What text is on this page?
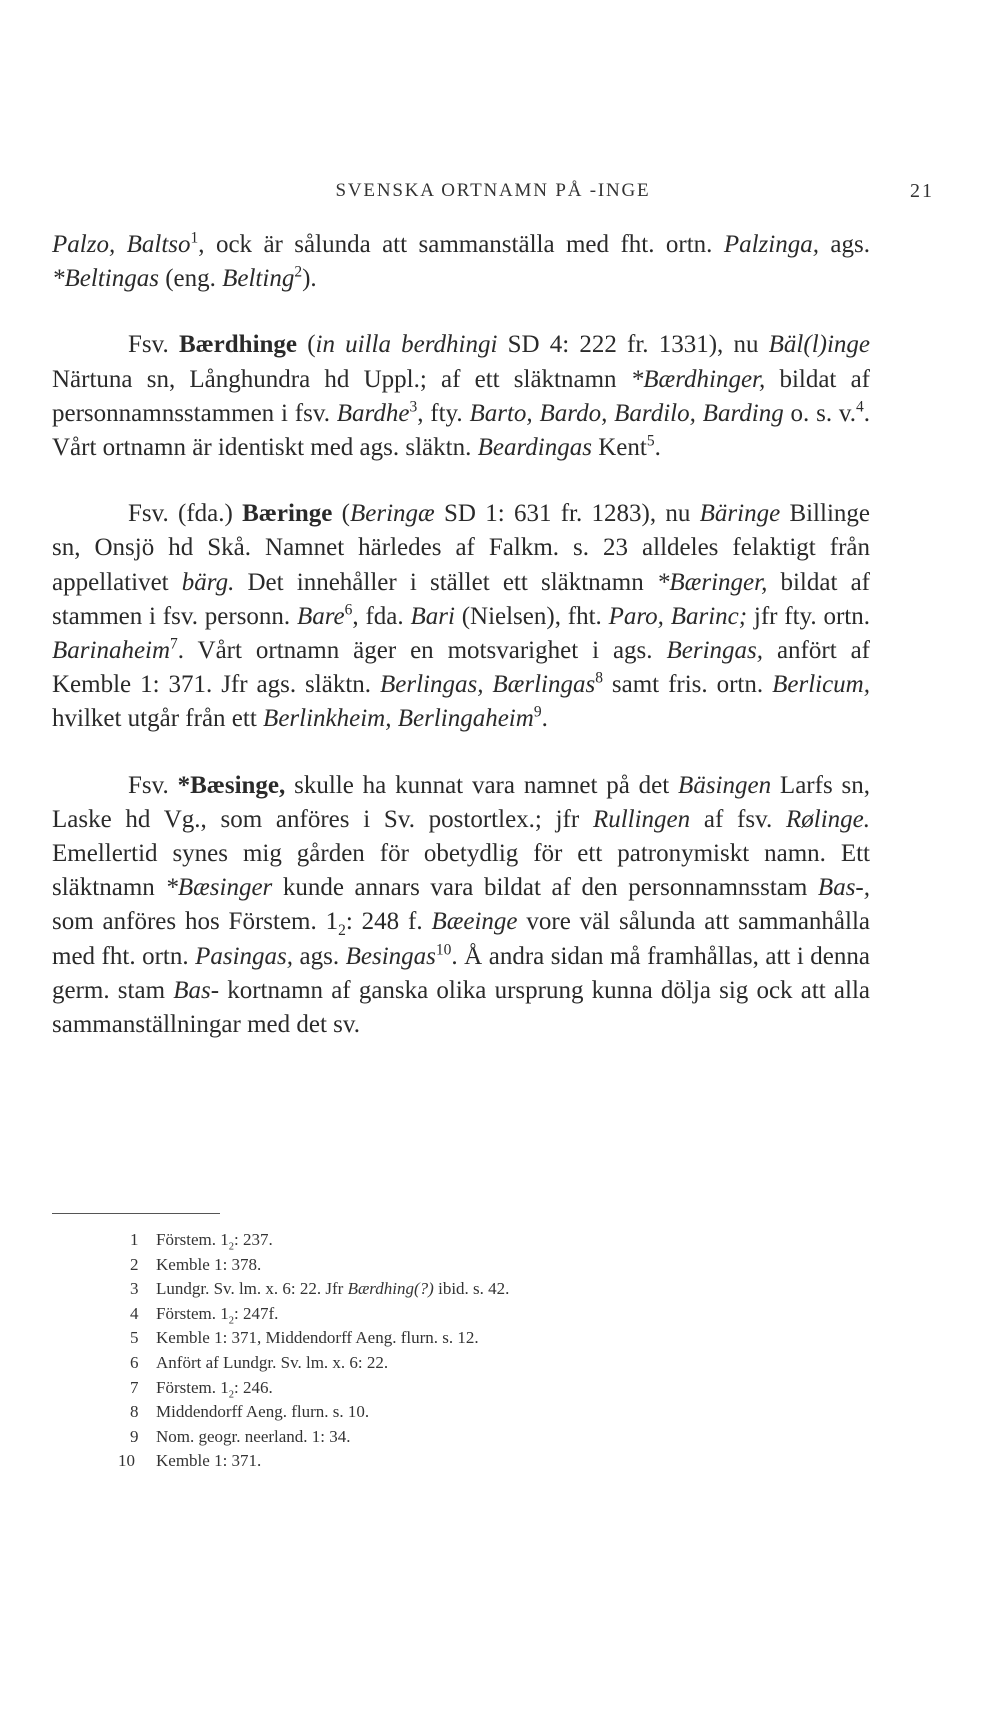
SVENSKA ORTNAMN PÅ -INGE	21

Palzo, Baltso$^1$, ock är sålunda att sammanställa med fht. ortn. Palzinga, ags. *Beltingas (eng. Belting$^2$).

Fsv. Bærdhinge (in uilla berdhingi SD 4: 222 fr. 1331), nu Bäl(l)inge Närtuna sn, Långhundra hd Uppl.; af ett släktnamn *Bærdhinger, bildat af personnamnsstammen i fsv. Bardhe$^3$, fty. Barto, Bardo, Bardilo, Barding o. s. v.$^4$. Vårt ortnamn är identiskt med ags. släktn. Beardingas Kent$^5$.

Fsv. (fda.) Bæringe (Beringæ SD 1: 631 fr. 1283), nu Bäringe Billinge sn, Onsjö hd Skå. Namnet härledes af Falkm. s. 23 alldeles felaktigt från appellativet bärg. Det innehåller i stället ett släktnamn *Bæringer, bildat af stammen i fsv. personn. Bare$^6$, fda. Bari (Nielsen), fht. Paro, Barinc; jfr fty. ortn. Barinaheim$^7$. Vårt ortnamn äger en motsvarighet i ags. Beringas, anfört af Kemble 1: 371. Jfr ags. släktn. Berlingas, Bærlingas$^8$ samt fris. ortn. Berlicum, hvilket utgår från ett Berlinkheim, Berlingaheim$^9$.

Fsv. *Bæsinge, skulle ha kunnat vara namnet på det Bäsingen Larfs sn, Laske hd Vg., som anföres i Sv. postortlex.; jfr Rullingen af fsv. Rølinge. Emellertid synes mig gården för obetydlig för ett patronymiskt namn. Ett släktnamn *Bæsinger kunde annars vara bildat af den personnamnsstam Bas-, som anföres hos Förstem. $1_2$: 248 f. Bæeinge vore väl sålunda att sammanhålla med fht. ortn. Pasingas, ags. Besingas$^{10}$. Å andra sidan må framhållas, att i denna germ. stam Bas- kortnamn af ganska olika ursprung kunna dölja sig ock att alla sammanställningar med det sv.

1 Förstem. $1_2$: 237.
2 Kemble 1: 378.
3 Lundgr. Sv. lm. x. 6: 22. Jfr Bærdhing(?) ibid. s. 42.
4 Förstem. $1_2$: 247f.
5 Kemble 1: 371, Middendorff Aeng. flurn. s. 12.
6 Anfört af Lundgr. Sv. lm. x. 6: 22.
7 Förstem. $1_2$: 246.
8 Middendorff Aeng. flurn. s. 10.
9 Nom. geogr. neerland. 1: 34.
10 Kemble 1: 371.
